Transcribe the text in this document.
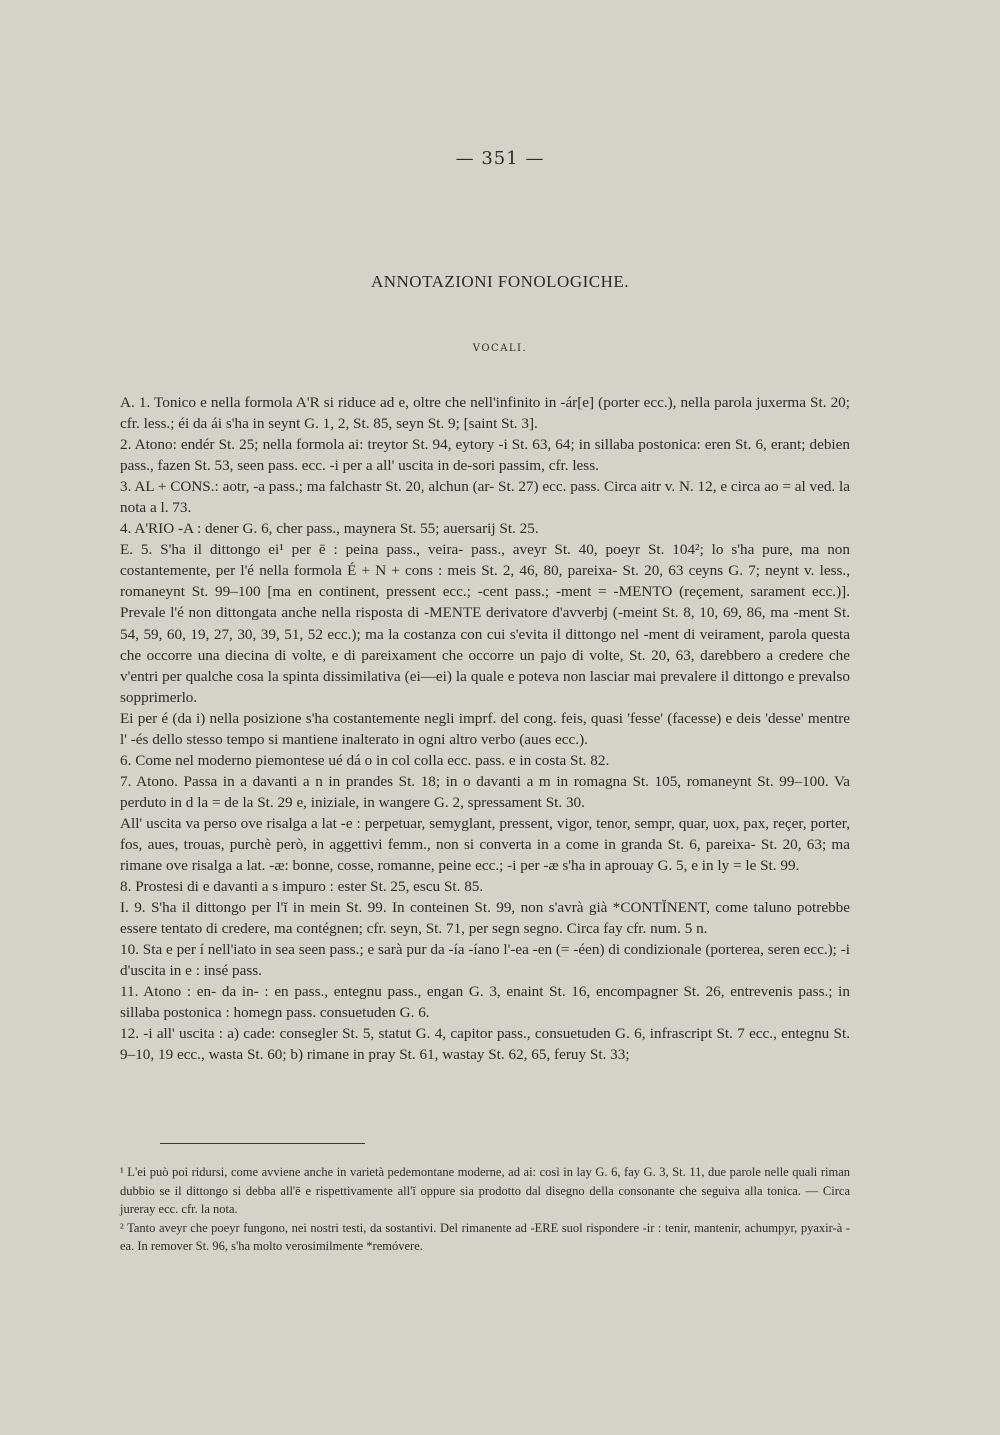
— 351 —
ANNOTAZIONI FONOLOGICHE.
VOCALI.

A. 1. Tonico e nella formola A'R si riduce ad e, oltre che nell'infinito in -ár[e] (porter ecc.), nella parola juxerma St. 20; cfr. less.; éi da ái s'ha in seynt G. 1, 2, St. 85, seyn St. 9; [saint St. 3].

2. Atono: endér St. 25; nella formola ai: treytor St. 94, eytory -i St. 63, 64; in sillaba postonica: eren St. 6, erant; debien pass., fazen St. 53, seen pass. ecc. -i per a all' uscita in de-sori passim, cfr. less.

3. AL + CONS.: aotr, -a pass.; ma falchastr St. 20, alchun (ar- St. 27) ecc. pass. Circa aitr v. N. 12, e circa ao = al ved. la nota a l. 73.

4. A'RIO -A : dener G. 6, cher pass., maynera St. 55; auersarij St. 25.

E. 5. S'ha il dittongo ei¹ per ē : peina pass., veira- pass., aveyr St. 40, poeyr St. 104²; lo s'ha pure, ma non costantemente, per l'é nella formola É + N + cons : meis St. 2, 46, 80, pareixa- St. 20, 63 ceyns G. 7; neynt v. less., romaneynt St. 99–100 [ma en continent, pressent ecc.; -cent pass.; -ment = -MENTO (reçement, sarament ecc.)]. Prevale l'é non dittongata anche nella risposta di -MENTE derivatore d'avverbj (-meint St. 8, 10, 69, 86, ma -ment St. 54, 59, 60, 19, 27, 30, 39, 51, 52 ecc.); ma la costanza con cui s'evita il dittongo nel -ment di veirament, parola questa che occorre una diecina di volte, e di pareixament che occorre un pajo di volte, St. 20, 63, darebbero a credere che v'entri per qualche cosa la spinta dissimilativa (ei—ei) la quale e poteva non lasciar mai prevalere il dittongo e prevalso sopprimerlo.

Ei per é (da i) nella posizione s'ha costantemente negli imprf. del cong. feis, quasi 'fesse' (facesse) e deis 'desse' mentre l' -és dello stesso tempo si mantiene inalterato in ogni altro verbo (aues ecc.).

6. Come nel moderno piemontese ué dá o in col colla ecc. pass. e in costa St. 82.

7. Atono. Passa in a davanti a n in prandes St. 18; in o davanti a m in romagna St. 105, romaneynt St. 99–100. Va perduto in d la = de la St. 29 e, iniziale, in wangere G. 2, spressament St. 30.

All' uscita va perso ove risalga a lat -e : perpetuar, semyglant, pressent, vigor, tenor, sempr, quar, uox, pax, reçer, porter, fos, aues, trouas, purchè però, in aggettivi femm., non si converta in a come in granda St. 6, pareixa- St. 20, 63; ma rimane ove risalga a lat. -æ: bonne, cosse, romanne, peine ecc.; -i per -æ s'ha in aprouay G. 5, e in ly = le St. 99.

8. Prostesi di e davanti a s impuro : ester St. 25, escu St. 85.

I. 9. S'ha il dittongo per l'ĭ in mein St. 99. In conteinen St. 99, non s'avrà già *CONTĬNENT, come taluno potrebbe essere tentato di credere, ma contégnen; cfr. seyn, St. 71, per segn segno. Circa fay cfr. num. 5 n.

10. Sta e per í nell'iato in sea seen pass.; e sarà pur da -ía -íano l'-ea -en (= -éen) di condizionale (porterea, seren ecc.); -i d'uscita in e : insé pass.

11. Atono : en- da in- : en pass., entegnu pass., engan G. 3, enaint St. 16, encompagner St. 26, entrevenis pass.; in sillaba postonica : homegn pass. consuetuden G. 6.

12. -i all' uscita : a) cade: consegler St. 5, statut G. 4, capitor pass., consuetuden G. 6, infrascript St. 7 ecc., entegnu St. 9–10, 19 ecc., wasta St. 60; b) rimane in pray St. 61, wastay St. 62, 65, feruy St. 33;

¹ L'ei può poi ridursi, come avviene anche in varietà pedemontane moderne, ad ai: così in lay G. 6, fay G. 3, St. 11, due parole nelle quali riman dubbio se il dittongo si debba all'ē e rispettivamente all'ĭ oppure sia prodotto dal disegno della consonante che seguiva alla tonica. — Circa jureray ecc. cfr. la nota.

² Tanto aveyr che poeyr fungono, nei nostri testi, da sostantivi. Del rimanente ad -ERE suol rispondere -ir : tenir, mantenir, achumpyr, pyaxir-à -ea. In remover St. 96, s'ha molto verosimilmente *remóvere.
